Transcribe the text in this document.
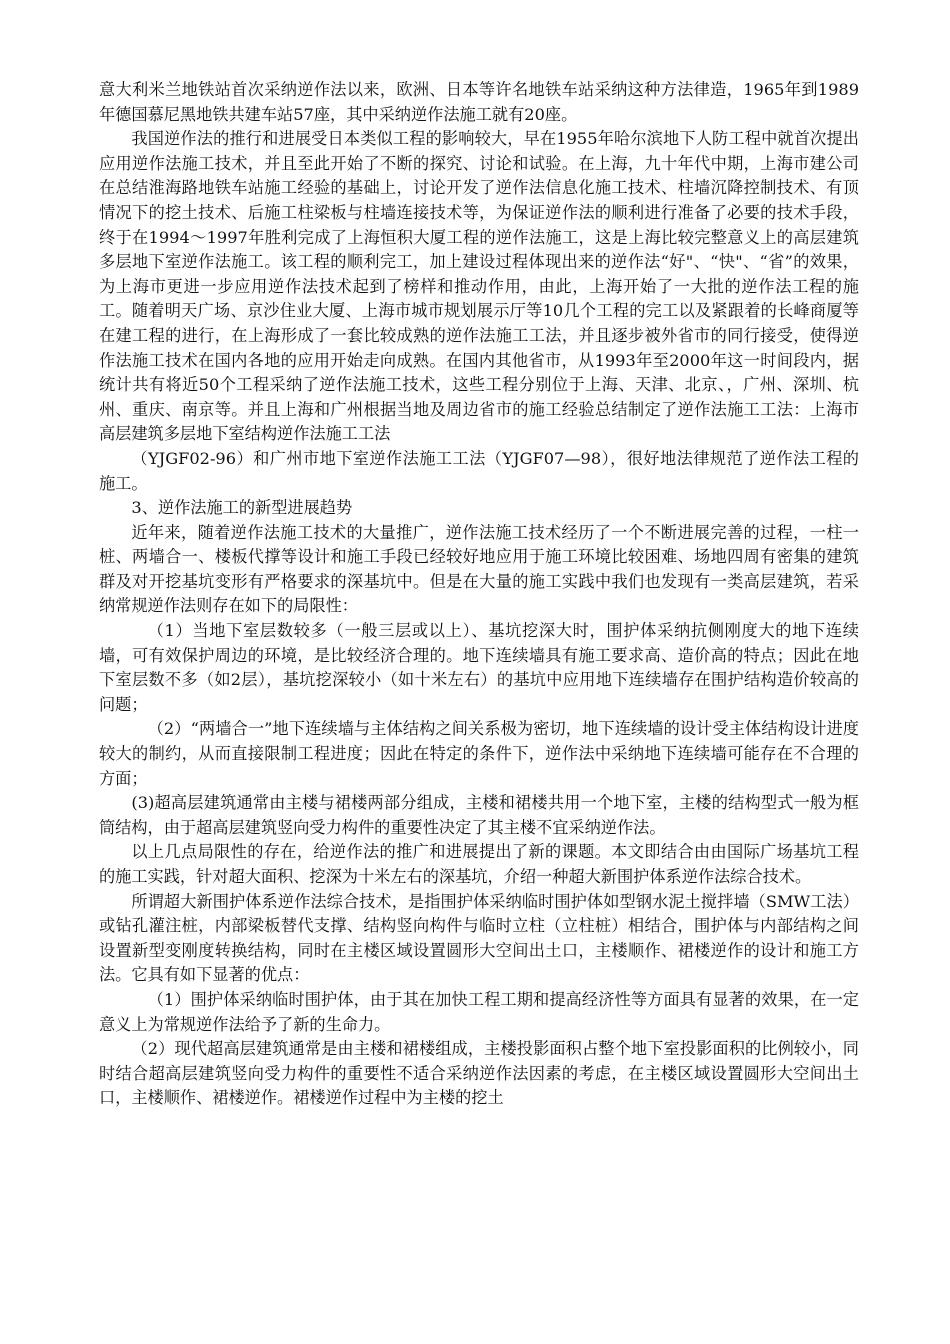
意大利米兰地铁站首次采纳逆作法以来，欧洲、日本等许名地铁车站采纳这种方法律造，1965年到1989年德国慕尼黑地铁共建车站57座，其中采纳逆作法施工就有20座。

我国逆作法的推行和进展受日本类似工程的影响较大，早在1955年哈尔滨地下人防工程中就首次提出应用逆作法施工技术，并且至此开始了不断的探究、讨论和试验。在上海，九十年代中期，上海市建公司在总结淮海路地铁车站施工经验的基础上，讨论开发了逆作法信息化施工技术、柱墙沉降控制技术、有顶情况下的挖土技术、后施工柱梁板与柱墙连接技术等，为保证逆作法的顺利进行准备了必要的技术手段，终于在1994～1997年胜利完成了上海恒积大厦工程的逆作法施工，这是上海比较完整意义上的高层建筑多层地下室逆作法施工。该工程的顺利完工，加上建设过程体现出来的逆作法“好"、“快"、“省”的效果，为上海市更进一步应用逆作法技术起到了榜样和推动作用，由此，上海开始了一大批的逆作法工程的施工。随着明天广场、京沙住业大厦、上海市城市规划展示厅等10几个工程的完工以及紧跟着的长峰商厦等在建工程的进行，在上海形成了一套比较成熟的逆作法施工工法，并且逐步被外省市的同行接受，使得逆作法施工技术在国内各地的应用开始走向成熟。在国内其他省市，从1993年至2000年这一时间段内，据统计共有将近50个工程采纳了逆作法施工技术，这些工程分别位于上海、天津、北京、，广州、深圳、杭州、重庆、南京等。并且上海和广州根据当地及周边省市的施工经验总结制定了逆作法施工工法：上海市高层建筑多层地下室结构逆作法施工工法

（YJGF02-96）和广州市地下室逆作法施工工法（YJGF07—98），很好地法律规范了逆作法工程的施工。

3、逆作法施工的新型进展趋势

近年来，随着逆作法施工技术的大量推广，逆作法施工技术经历了一个不断进展完善的过程，一柱一桩、两墙合一、楼板代撑等设计和施工手段已经较好地应用于施工环境比较困难、场地四周有密集的建筑群及对开挖基坑变形有严格要求的深基坑中。但是在大量的施工实践中我们也发现有一类高层建筑，若采纳常规逆作法则存在如下的局限性：

（1）当地下室层数较多（一般三层或以上）、基坑挖深大时，围护体采纳抗侧刚度大的地下连续墙，可有效保护周边的环境，是比较经济合理的。地下连续墙具有施工要求高、造价高的特点；因此在地下室层数不多（如2层），基坑挖深较小（如十米左右）的基坑中应用地下连续墙存在围护结构造价较高的问题；

（2）“两墙合一”地下连续墙与主体结构之间关系极为密切，地下连续墙的设计受主体结构设计进度较大的制约，从而直接限制工程进度；因此在特定的条件下，逆作法中采纳地下连续墙可能存在不合理的方面；

(3)超高层建筑通常由主楼与裙楼两部分组成，主楼和裙楼共用一个地下室，主楼的结构型式一般为框筒结构，由于超高层建筑竖向受力构件的重要性决定了其主楼不宜采纳逆作法。

以上几点局限性的存在，给逆作法的推广和进展提出了新的课题。本文即结合由由国际广场基坑工程的施工实践，针对超大面积、挖深为十米左右的深基坑，介绍一种超大新围护体系逆作法综合技术。

所谓超大新围护体系逆作法综合技术，是指围护体采纳临时围护体如型钢水泥土搅拌墙（SMW工法）或钻孔灌注桩，内部梁板替代支撑、结构竖向构件与临时立柱（立柱桩）相结合，围护体与内部结构之间设置新型变刚度转换结构，同时在主楼区域设置圆形大空间出土口，主楼顺作、裙楼逆作的设计和施工方法。它具有如下显著的优点：

（1）围护体采纳临时围护体，由于其在加快工程工期和提高经济性等方面具有显著的效果，在一定意义上为常规逆作法给予了新的生命力。

（2）现代超高层建筑通常是由主楼和裙楼组成，主楼投影面积占整个地下室投影面积的比例较小，同时结合超高层建筑竖向受力构件的重要性不适合采纳逆作法因素的考虑，在主楼区域设置圆形大空间出土口，主楼顺作、裙楼逆作。裙楼逆作过程中为主楼的挖土
